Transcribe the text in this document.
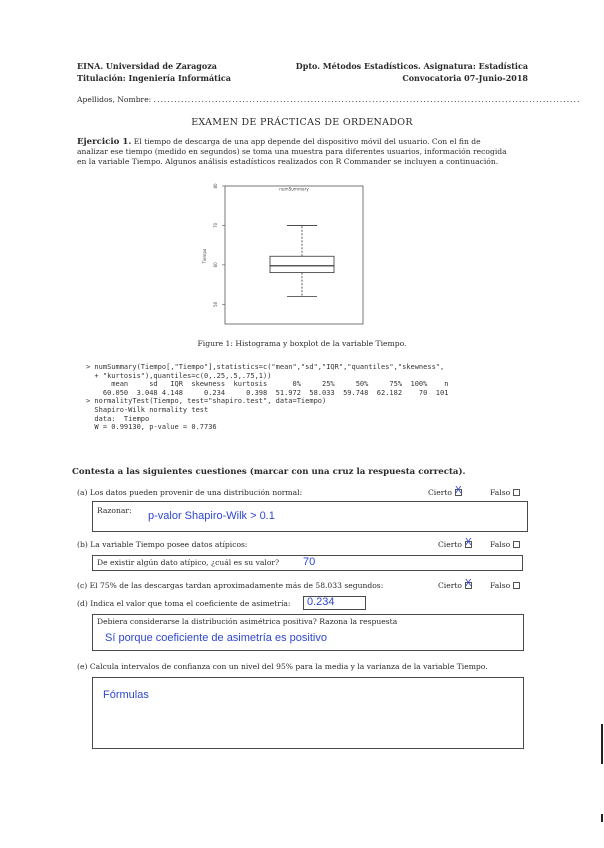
EINA. Universidad de Zaragoza
Titulación: Ingeniería Informática
Dpto. Métodos Estadísticos. Asignatura: Estadística
Convocatoria 07-Junio-2018
Apellidos, Nombre: .............................................................................................................................
EXAMEN DE PRÁCTICAS DE ORDENADOR
Ejercicio 1. El tiempo de descarga de una app depende del dispositivo móvil del usuario. Con el fin de
analizar ese tiempo (medido en segundos) se toma una muestra para diferentes usuarios, información recogida
en la variable Tiempo. Algunos análisis estadísticos realizados con R Commander se incluyen a continuación.
numSummary
Tiempo
80
70
60
50
Figure 1: Histograma y boxplot de la variable Tiempo.
> numSummary(Tiempo[,"Tiempo"],statistics=c("mean","sd","IQR","quantiles","skewness",
+ "kurtosis"),quantiles=c(0,.25,.5,.75,1))
mean     sd   IQR  skewness  kurtosis      0%     25%     50%     75%  100%    n
60.050  3.048 4.148     0.234     0.398  51.972  58.033  59.748  62.182    70  101
> normalityTest(Tiempo, test="shapiro.test", data=Tiempo)
Shapiro-Wilk normality test
data:  Tiempo
W = 0.99130, p-value = 0.7736
Contesta a las siguientes cuestiones (marcar con una cruz la respuesta correcta).
(a) Los datos pueden provenir de una distribución normal:	Cierto X	Falso
Razonar: p-valor Shapiro-Wilk > 0.1
(b) La variable Tiempo posee datos atípicos:	Cierto X Falso
De existir algún dato atípico, ¿cuál es su valor? 70
(c) El 75% de las descargas tardan aproximadamente más de 58.033 segundos:	Cierto X Falso
(d) Indica el valor que toma el coeficiente de asimetría: 0.234
Debiera considerarse la distribución asimétrica positiva? Razona la respuesta
Sí porque coeficiente de asimetría es positivo
(e) Calcula intervalos de confianza con un nivel del 95% para la media y la varianza de la variable Tiempo.
Fórmulas
